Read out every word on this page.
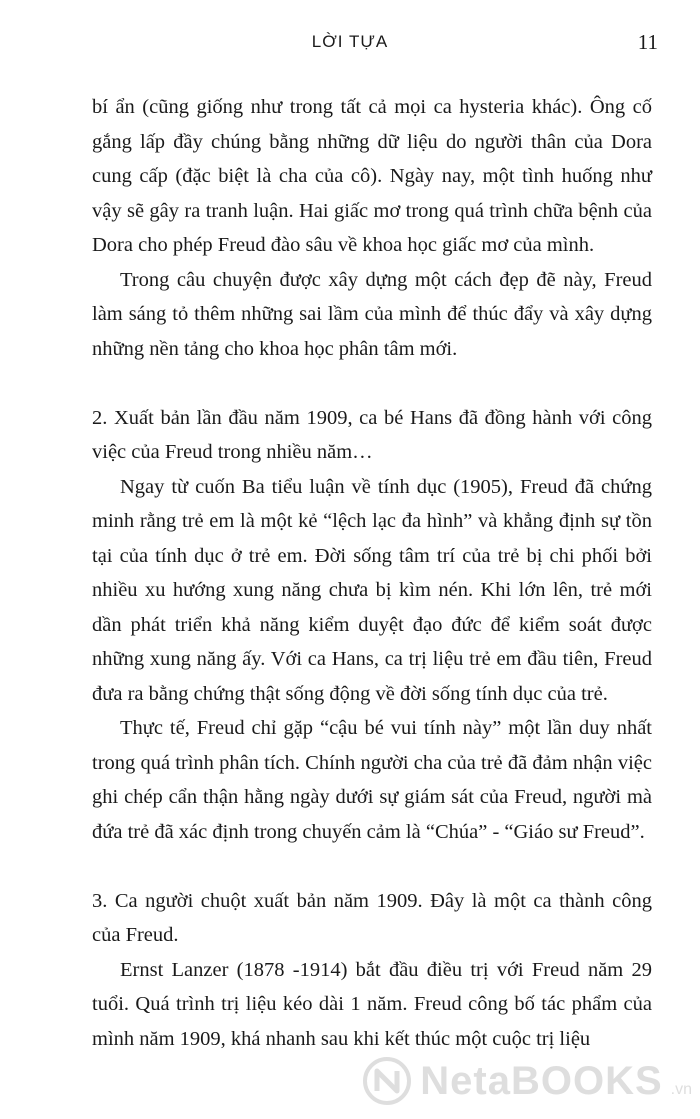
LỜI TỰA	11

bí ẩn (cũng giống như trong tất cả mọi ca hysteria khác). Ông cố gắng lấp đầy chúng bằng những dữ liệu do người thân của Dora cung cấp (đặc biệt là cha của cô). Ngày nay, một tình huống như vậy sẽ gây ra tranh luận. Hai giấc mơ trong quá trình chữa bệnh của Dora cho phép Freud đào sâu về khoa học giấc mơ của mình.

Trong câu chuyện được xây dựng một cách đẹp đẽ này, Freud làm sáng tỏ thêm những sai lầm của mình để thúc đẩy và xây dựng những nền tảng cho khoa học phân tâm mới.

2. Xuất bản lần đầu năm 1909, ca bé Hans đã đồng hành với công việc của Freud trong nhiều năm…

Ngay từ cuốn Ba tiểu luận về tính dục (1905), Freud đã chứng minh rằng trẻ em là một kẻ “lệch lạc đa hình” và khẳng định sự tồn tại của tính dục ở trẻ em. Đời sống tâm trí của trẻ bị chi phối bởi nhiều xu hướng xung năng chưa bị kìm nén. Khi lớn lên, trẻ mới dần phát triển khả năng kiểm duyệt đạo đức để kiểm soát được những xung năng ấy. Với ca Hans, ca trị liệu trẻ em đầu tiên, Freud đưa ra bằng chứng thật sống động về đời sống tính dục của trẻ.

Thực tế, Freud chỉ gặp “cậu bé vui tính này” một lần duy nhất trong quá trình phân tích. Chính người cha của trẻ đã đảm nhận việc ghi chép cẩn thận hằng ngày dưới sự giám sát của Freud, người mà đứa trẻ đã xác định trong chuyến cảm là “Chúa” - “Giáo sư Freud”.

3. Ca người chuột xuất bản năm 1909. Đây là một ca thành công của Freud.

Ernst Lanzer (1878 -1914) bắt đầu điều trị với Freud năm 29 tuổi. Quá trình trị liệu kéo dài 1 năm. Freud công bố tác phẩm của mình năm 1909, khá nhanh sau khi kết thúc một cuộc trị liệu

NetaBOOKS .vn
